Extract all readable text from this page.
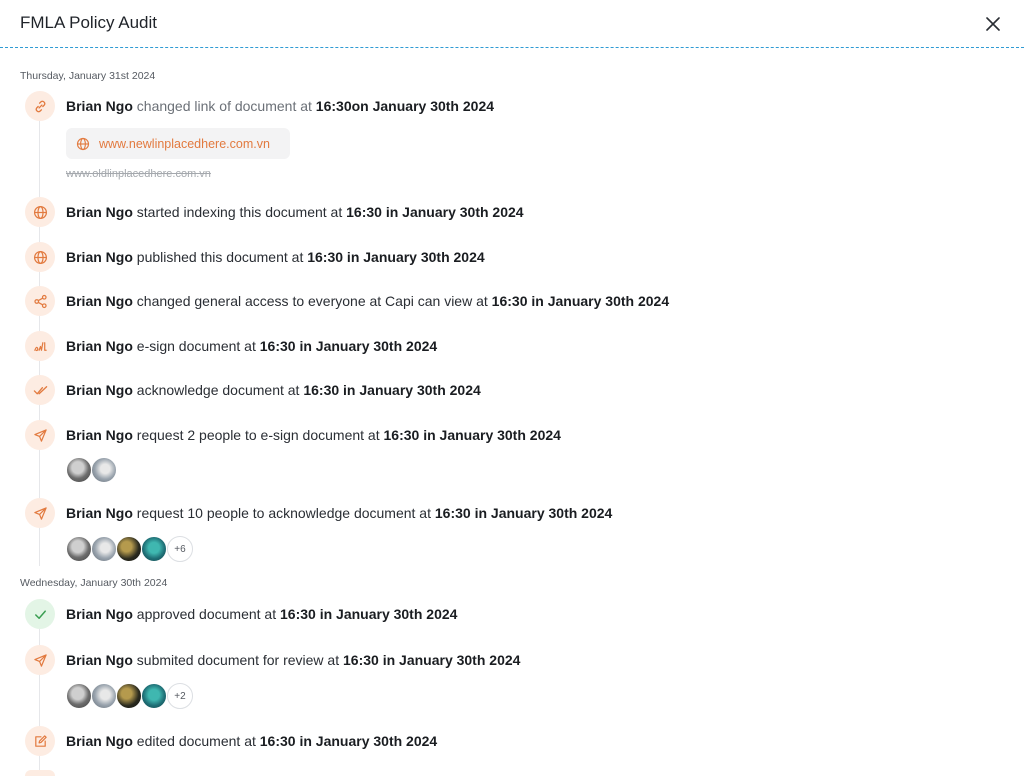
FMLA Policy Audit
Thursday, January 31st 2024
Brian Ngo changed link of document at 16:30on January 30th 2024
www.newlinplacedhere.com.vn
www.oldlinplacedhere.com.vn
Brian Ngo started indexing this document at 16:30 in January 30th 2024
Brian Ngo published this document at 16:30 in January 30th 2024
Brian Ngo changed general access to everyone at Capi can view at 16:30 in January 30th 2024
Brian Ngo e-sign document at 16:30 in January 30th 2024
Brian Ngo acknowledge document at 16:30 in January 30th 2024
Brian Ngo request 2 people to e-sign document at 16:30 in January 30th 2024
Brian Ngo request 10 people to acknowledge document at 16:30 in January 30th 2024
+6
Wednesday, January 30th 2024
Brian Ngo approved document at 16:30 in January 30th 2024
Brian Ngo submited document for review at 16:30 in January 30th 2024
+2
Brian Ngo edited document at 16:30 in January 30th 2024
